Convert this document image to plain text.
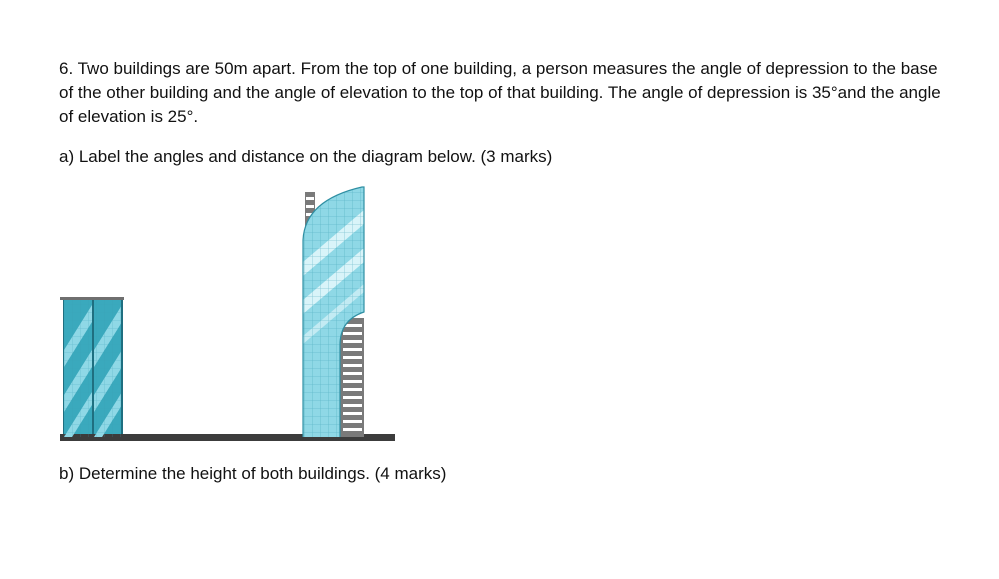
6. Two buildings are 50m apart. From the top of one building, a person measures the angle of depression to the base of the other building and the angle of elevation to the top of that building. The angle of depression is 35°and the angle of elevation is 25°.

a) Label the angles and distance on the diagram below. (3 marks)

b) Determine the height of both buildings. (4 marks)
